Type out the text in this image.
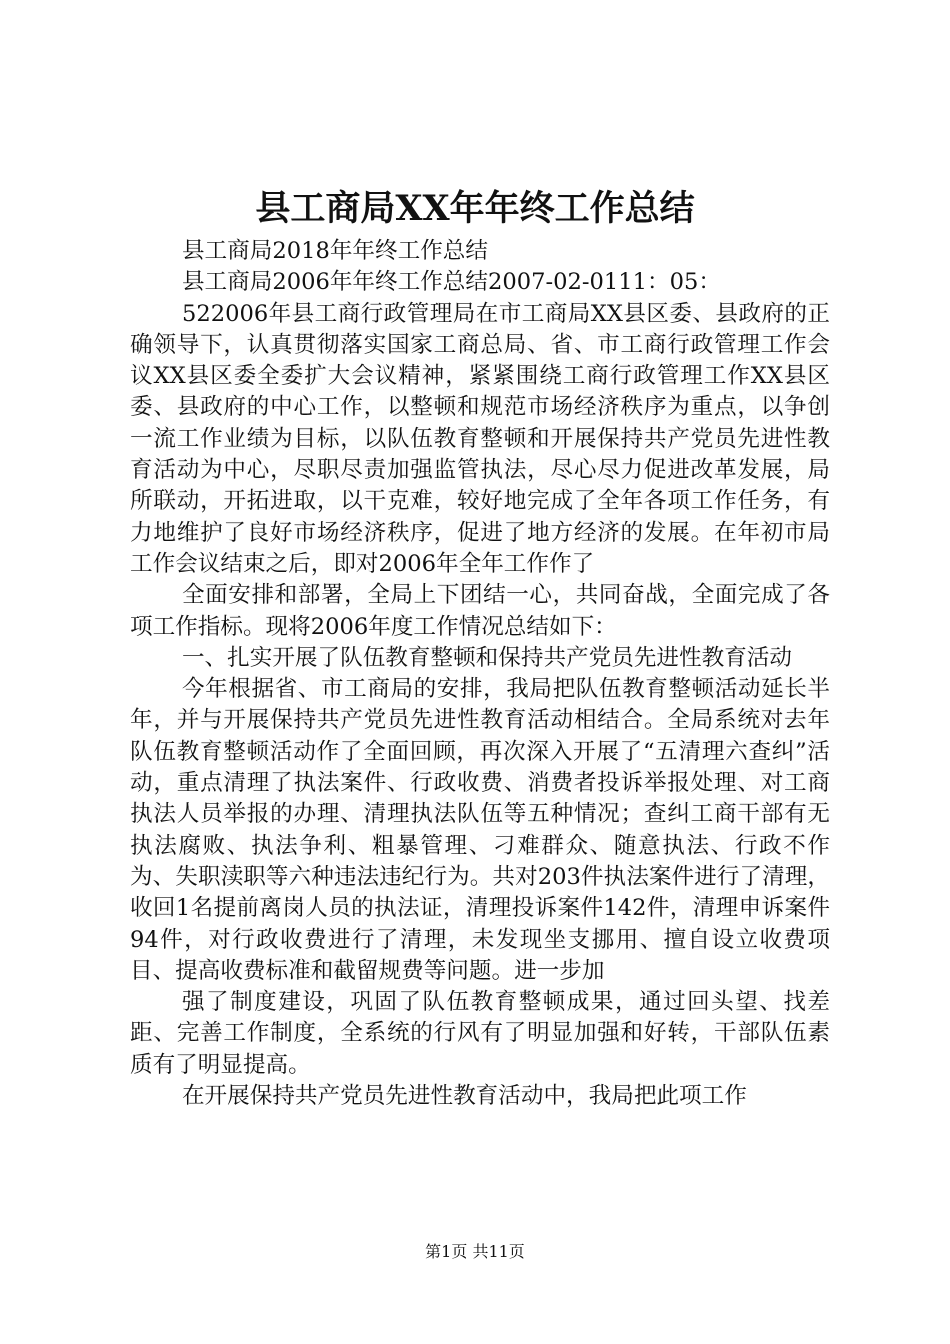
县工商局XX年年终工作总结

县工商局2018年年终工作总结

县工商局2006年年终工作总结2007-02-0111：05：

522006年县工商行政管理局在市工商局XX县区委、县政府的正确领导下，认真贯彻落实国家工商总局、省、市工商行政管理工作会议XX县区委全委扩大会议精神，紧紧围绕工商行政管理工作XX县区委、县政府的中心工作，以整顿和规范市场经济秩序为重点，以争创一流工作业绩为目标，以队伍教育整顿和开展保持共产党员先进性教育活动为中心，尽职尽责加强监管执法，尽心尽力促进改革发展，局所联动，开拓进取，以干克难，较好地完成了全年各项工作任务，有力地维护了良好市场经济秩序，促进了地方经济的发展。在年初市局工作会议结束之后，即对2006年全年工作作了

全面安排和部署，全局上下团结一心，共同奋战，全面完成了各项工作指标。现将2006年度工作情况总结如下：

一、扎实开展了队伍教育整顿和保持共产党员先进性教育活动

今年根据省、市工商局的安排，我局把队伍教育整顿活动延长半年，并与开展保持共产党员先进性教育活动相结合。全局系统对去年队伍教育整顿活动作了全面回顾，再次深入开展了“五清理六查纠”活动，重点清理了执法案件、行政收费、消费者投诉举报处理、对工商执法人员举报的办理、清理执法队伍等五种情况；查纠工商干部有无执法腐败、执法争利、粗暴管理、刁难群众、随意执法、行政不作为、失职渎职等六种违法违纪行为。共对203件执法案件进行了清理，收回1名提前离岗人员的执法证，清理投诉案件142件，清理申诉案件94件，对行政收费进行了清理，未发现坐支挪用、擅自设立收费项目、提高收费标准和截留规费等问题。进一步加

强了制度建设，巩固了队伍教育整顿成果，通过回头望、找差距、完善工作制度，全系统的行风有了明显加强和好转，干部队伍素质有了明显提高。

在开展保持共产党员先进性教育活动中，我局把此项工作

第1页 共11页
